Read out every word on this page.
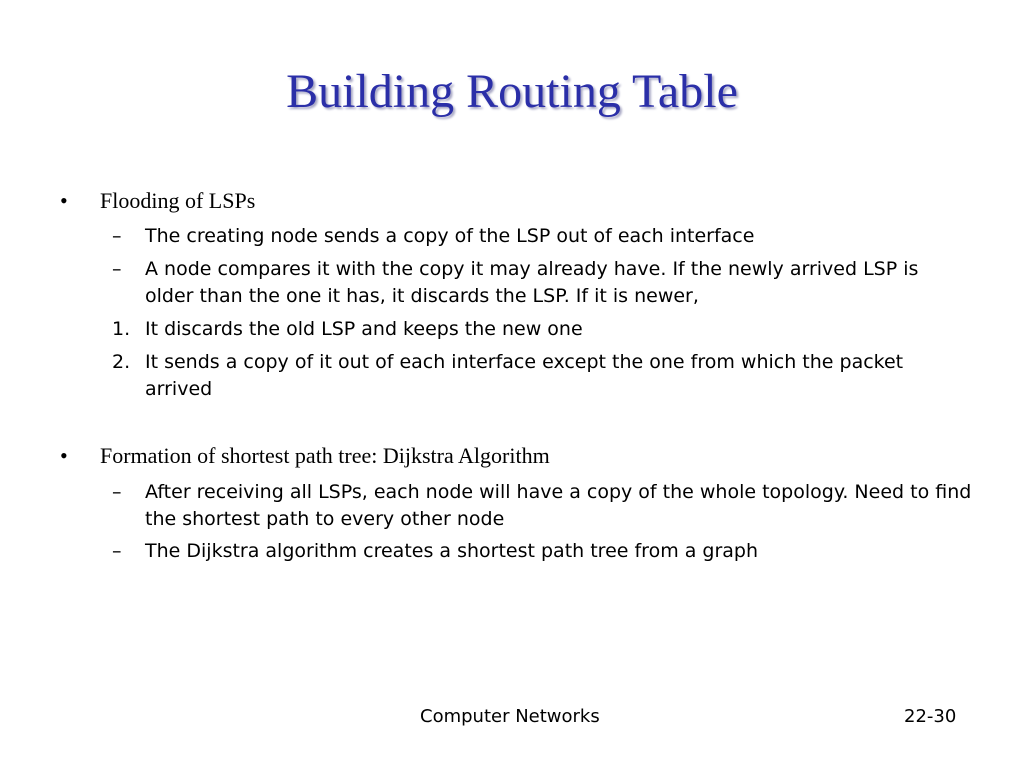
Building Routing Table
• Flooding of LSPs
– The creating node sends a copy of the LSP out of each interface
– A node compares it with the copy it may already have. If the newly arrived LSP is older than the one it has, it discards the LSP. If it is newer,
1. It discards the old LSP and keeps the new one
2. It sends a copy of it out of each interface except the one from which the packet arrived
• Formation of shortest path tree: Dijkstra Algorithm
– After receiving all LSPs, each node will have a copy of the whole topology. Need to find the shortest path to every other node
– The Dijkstra algorithm creates a shortest path tree from a graph
Computer Networks	22-30
